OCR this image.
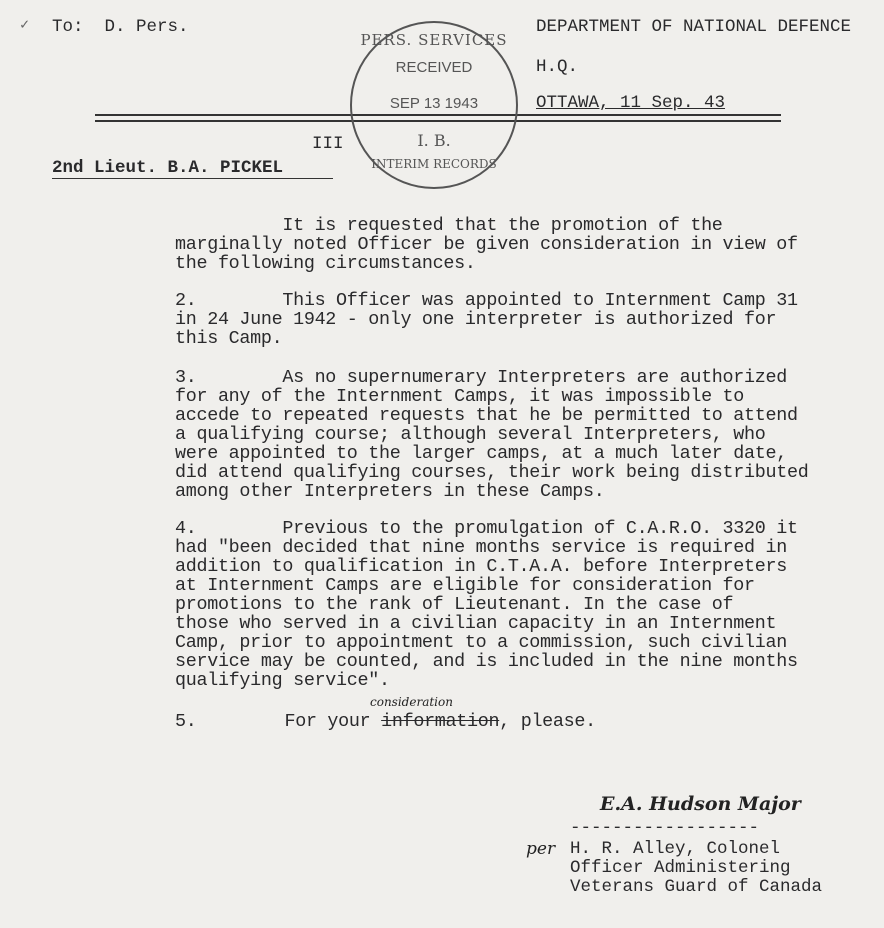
✓ To:  D. Pers.	DEPARTMENT OF NATIONAL DEFENCE
H.Q.
OTTAWA, 11 Sep. 43
2nd Lieut. B.A. PICKEL
III
PERS. SERVICES
RECEIVED
SEP 13 1943
I. B.
INTERIM RECORDS
It is requested that the promotion of the
marginally noted Officer be given consideration in view of
the following circumstances.
2.        This Officer was appointed to Internment Camp 31
in 24 June 1942 - only one interpreter is authorized for
this Camp.
3.        As no supernumerary Interpreters are authorized
for any of the Internment Camps, it was impossible to
accede to repeated requests that he be permitted to attend
a qualifying course; although several Interpreters, who
were appointed to the larger camps, at a much later date,
did attend qualifying courses, their work being distributed
among other Interpreters in these Camps.
4.        Previous to the promulgation of C.A.R.O. 3320 it
had "been decided that nine months service is required in
addition to qualification in C.T.A.A. before Interpreters
at Internment Camps are eligible for consideration for
promotions to the rank of Lieutenant. In the case of
those who served in a civilian capacity in an Internment
Camp, prior to appointment to a commission, such civilian
service may be counted, and is included in the nine months
qualifying service".
5.	For your information, please.
consideration
E.A. Hudson Major
------------------
per H. R. Alley, Colonel
Officer Administering
Veterans Guard of Canada
